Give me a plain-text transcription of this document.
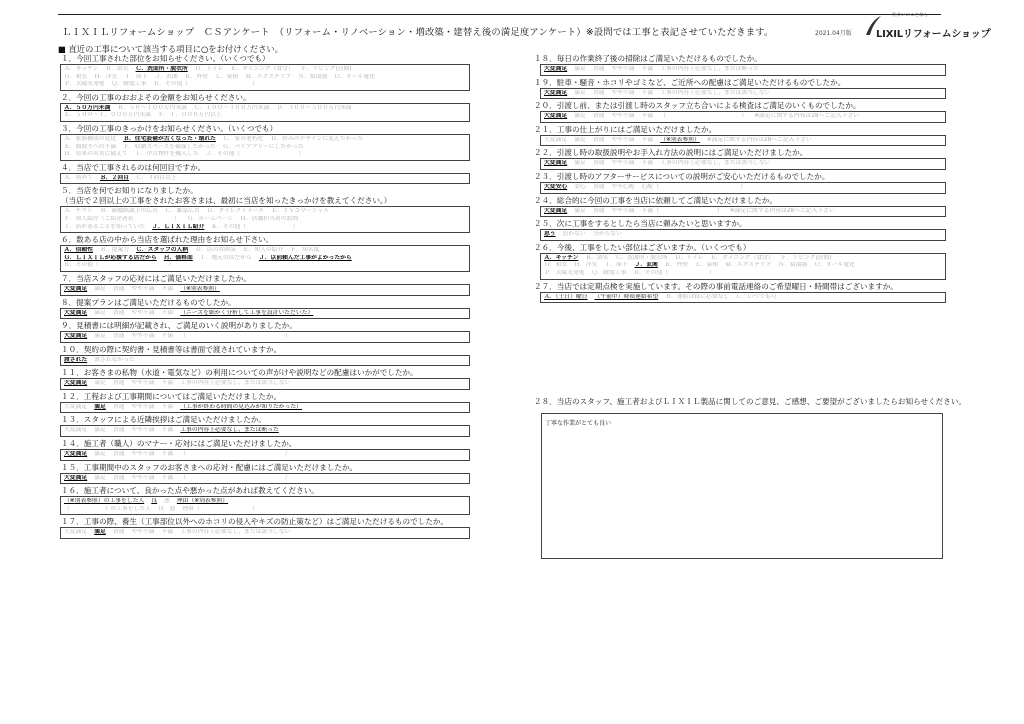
ＬＩＸＩＬリフォームショップ　ＣＳアンケート　（リフォーム・リノベーション・増改築・建替え後の満足度アンケート）※設問では工事と表記させていただきます。	2021.04月版
住まいのことなら
LIXILリフォームショップ
■ 直近の工事について該当する項目に○をお付けください。
１．今回工事された部位をお知らせください。（いくつでも）
Ａ．キッチン Ｂ．浴室 Ｃ．洗面所・脱衣所 Ｄ．トイレ Ｅ．ダイニング（食堂） Ｆ．リビング(居間)
Ｇ．和室 Ｈ．洋室 Ｉ．床下 Ｊ．玄関 Ｋ．外壁 Ｌ．屋根 Ｍ．エクステリア Ｎ．給湯器 Ｏ．オール電化
Ｐ．太陽光発電 Ｑ．耐震工事 Ｒ．その他（　　　　　　　　　　　）
２．今回の工事のおおよその金額をお知らせください。
Ａ．５０万円未満 Ｂ．５０～１００万円未満 Ｃ．１００～３００万円未満 Ｄ．３００～５００万円未満
Ｅ．５００～１，０００万円未満 Ｆ．１，０００万円以上
３．今回の工事のきっかけをお知らせください。（いくつでも）
Ａ．家族構成の変化 Ｂ．住宅設備が古くなった・壊れた Ｃ．家の老朽化 Ｄ．好みのデザインに変えたかった
Ｅ．間取りへの不満 Ｆ．収納スペースを確保したかった Ｇ．バリアフリーにしたかった
Ｈ．将来の災害に備えて Ｉ．中古物件を購入した Ｊ．その他（　　　　　　　　　　）
４．当店で工事されるのは何回目ですか。
Ａ．初めて Ｂ．２回目 Ｃ．３回目以上
５．当店を何でお知りになりましたか。
（当店で２回以上の工事をされたお客さまは、最初に当店を知ったきっかけを教えてください。）
Ａ．チラシ Ｂ．新聞紙面上の広告 Ｃ．雑誌広告 Ｄ．ダイレクトメール Ｅ．ＴＶコマーシャル
Ｆ．知人紹介（ご紹介者名　　　　　　　） Ｇ．ホームページ Ｈ．店舗担当者の訪問
Ｉ．店があることを知っていた Ｊ．ＬＩＸＩＬ紹介 Ｋ．その他（　　　　　　　　）
６．数ある店の中から当店を選ばれた理由をお知らせ下さい。
Ａ．信頼性 Ｂ．提案力 Ｃ．スタッフの人柄 Ｄ．店の雰囲気 Ｅ．知人の紹介 Ｆ．知名度
Ｇ．ＬＩＸＩＬが応援する店だから Ｈ．価格面 Ｉ．地元の店だから Ｊ．以前頼んだ工事がよかったから
Ｋ．その他（　　　　　　　　　　　　）
７．当店スタッフの応対にはご満足いただけましたか。
大変満足 満足 普通 やや不満 不満 （※別表参照）
８．提案プランはご満足いただけるものでしたか。
大変満足 満足 普通 やや不満 不満 （ニーズを細かく分析して工事を設計いただいた）
９．見積書には明細が記載され、ご満足のいく説明がありましたか。
大変満足 満足 普通 やや不満 不満 （　　　　　　　　　　　　　　　　　）
１０．契約の際に契約書・見積書等は書面で渡されていますか。
渡された 渡されなかった
１１．お客さまの私物（水道・電気など）の利用についての声がけや説明などの配慮はいかがでしたか。
大変満足 満足 普通 やや不満 不満 工事の内容上必要なし、または該当しない
１２．工程および工事期間についてはご満足いただけましたか。
大変満足 満足 普通 やや不満 不満 （工事が終わる時間の見込みが知りたかった）
１３．スタッフによる近隣挨拶はご満足いただけましたか。
大変満足 満足 普通 やや不満 不満 工事の内容上必要なし、または断った
１４．施工者（職人）のマナー・応対にはご満足いただけましたか。
大変満足 満足 普通 やや不満 不満 （　　　　　　　　　　　　　　　　　）
１５．工事期間中のスタッフのお客さまへの応対・配慮にはご満足いただけましたか。
大変満足 満足 普通 やや不満 不満 （　　　　　　　　　　　　　　　　　）
１６．施工者について、良かった点や悪かった点があれば教えてください。
（※別表参照）の工事をした人 良 悪 理由（※別表参照）
（　　　　　　）の工事をした人 良　悪 理由（　　　　　　　　　）
１７．工事の際、養生（工事部位以外へのホコリの侵入やキズの防止策など）はご満足いただけるものでしたか。
大変満足 満足 普通 やや不満 不満 工事の内容上必要なし、または該当しない
１８．毎日の作業終了後の掃除はご満足いただけるものでしたか。
大変満足 満足 普通 やや不満 不満 工事の内容上必要なし、または断った
１９．駐車・騒音・ホコリやゴミなど、ご近所への配慮はご満足いただけるものでしたか。
大変満足 満足 普通 やや不満 不満 工事の内容上必要なし、または該当しない
２０．引渡し前、または引渡し時のスタッフ立ち合いによる検査はご満足のいくものでしたか。
大変満足 満足 普通 やや不満 不満 （　　　　　　　　　　　　　） ※満足に関する内容は28へご記入下さい
２１．工事の仕上がりにはご満足いただけましたか。
大変満足 満足 普通 やや不満 不満 （※別表参照） ※満足に関する内容は28へご記入下さい
２２．引渡し時の取扱説明やお手入れ方法の説明にはご満足いただけましたか。
大変満足 満足 普通 やや不満 不満 工事の内容上必要なし、または該当しない
２３．引渡し時のアフターサービスについての説明がご安心いただけるものでしたか。
大変安心 安心 普通 やや心配 心配（　　　　　　　　　　　　　　）
２４．総合的に今回の工事を当店に依頼してご満足いただけましたか。
大変満足 満足 普通 やや不満 不満（　　　　　　　　　　） ※満足に関する内容は28へご記入下さい
２５．次に工事をするとしたら当店に頼みたいと思いますか。
思う 思わない 分からない
２６．今後、工事をしたい部位はございますか。（いくつでも）
Ａ．キッチン Ｂ．浴室 Ｃ．洗面所・脱衣所 Ｄ．トイレ Ｅ．ダイニング（食堂） Ｆ．リビング(居間)
Ｇ．和室 Ｈ．洋室 Ｉ．床下 Ｊ．玄関 Ｋ．外壁 Ｌ．屋根 Ｍ．エクステリア Ｎ．給湯器 Ｏ．オール電化
Ｐ．太陽光発電 Ｑ．耐震工事 Ｒ．その他（　　　　　　　）
２７．当店では定期点検を実施しています。その際の事前電話連絡のご希望曜日・時間帯はございますか。
Ａ．（土日）曜日 （午前中）時頃連絡希望 Ｂ．連絡は特に必要なし Ｃ．いつでも可
２８．当店のスタッフ、施工者およびＬＩＸＩＬ製品に関してのご意見、ご感想、ご要望がございましたらお知らせください。
丁寧な作業がとても良い
